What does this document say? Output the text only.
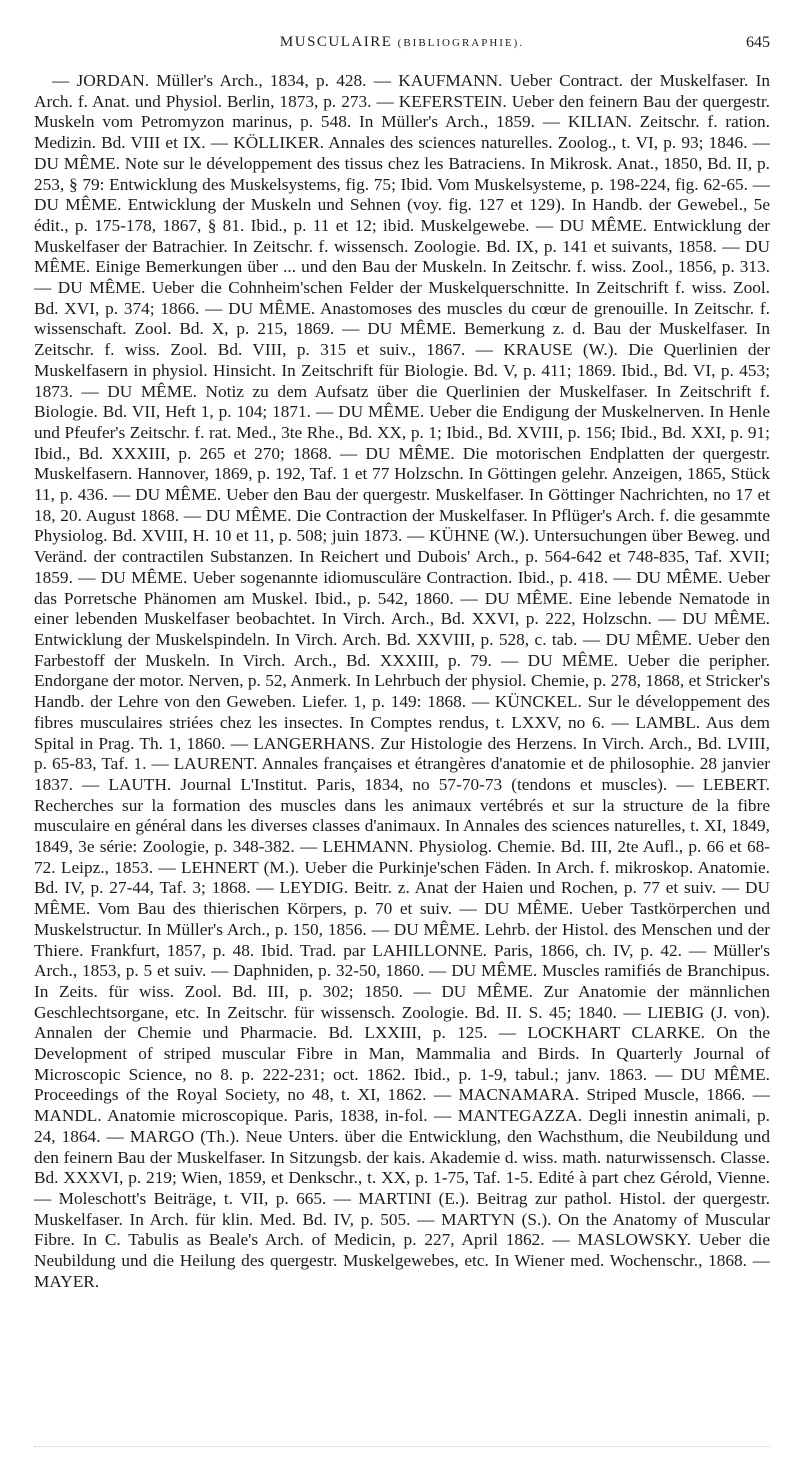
MUSCULAIRE (BIBLIOGRAPHIE).	645

— JORDAN. Müller's Arch., 1834, p. 428. — KAUFMANN. Ueber Contract. der Muskelfaser. In Arch. f. Anat. und Physiol. Berlin, 1873, p. 273. — KEFERSTEIN. Ueber den feinern Bau der quergestr. Muskeln vom Petromyzon marinus, p. 548. In Müller's Arch., 1859. — KILIAN. Zeitschr. f. ration. Medizin. Bd. VIII et IX. — KÖLLIKER. Annales des sciences naturelles. Zoolog., t. VI, p. 93; 1846. — DU MÊME. Note sur le développement des tissus chez les Batraciens. In Mikrosk. Anat., 1850, Bd. II, p. 253, § 79: Entwicklung des Muskelsystems, fig. 75; Ibid. Vom Muskelsysteme, p. 198-224, fig. 62-65. — DU MÊME. Entwicklung der Muskeln und Sehnen (voy. fig. 127 et 129). In Handb. der Gewebel., 5e édit., p. 175-178, 1867, § 81. Ibid., p. 11 et 12; ibid. Muskelgewebe. — DU MÊME. Entwicklung der Muskelfaser der Batrachier. In Zeitschr. f. wissensch. Zoologie. Bd. IX, p. 141 et suivants, 1858. — DU MÊME. Einige Bemerkungen über ... und den Bau der Muskeln. In Zeitschr. f. wiss. Zool., 1856, p. 313. — DU MÊME. Ueber die Cohnheim'schen Felder der Muskelquerschnitte. In Zeitschrift f. wiss. Zool. Bd. XVI, p. 374; 1866. — DU MÊME. Anastomoses des muscles du cœur de grenouille. In Zeitschr. f. wissenschaft. Zool. Bd. X, p. 215, 1869. — DU MÊME. Bemerkung z. d. Bau der Muskelfaser. In Zeitschr. f. wiss. Zool. Bd. VIII, p. 315 et suiv., 1867. — KRAUSE (W.). Die Querlinien der Muskelfasern in physiol. Hinsicht. In Zeitschrift für Biologie. Bd. V, p. 411; 1869. Ibid., Bd. VI, p. 453; 1873. — DU MÊME. Notiz zu dem Aufsatz über die Querlinien der Muskelfaser. In Zeitschrift f. Biologie. Bd. VII, Heft 1, p. 104; 1871. — DU MÊME. Ueber die Endigung der Muskelnerven. In Henle und Pfeufer's Zeitschr. f. rat. Med., 3te Rhe., Bd. XX, p. 1; Ibid., Bd. XVIII, p. 156; Ibid., Bd. XXI, p. 91; Ibid., Bd. XXXIII, p. 265 et 270; 1868. — DU MÊME. Die motorischen Endplatten der quergestr. Muskelfasern. Hannover, 1869, p. 192, Taf. 1 et 77 Holzschn. In Göttingen gelehr. Anzeigen, 1865, Stück 11, p. 436. — DU MÊME. Ueber den Bau der quergestr. Muskelfaser. In Göttinger Nachrichten, no 17 et 18, 20. August 1868. — DU MÊME. Die Contraction der Muskelfaser. In Pflüger's Arch. f. die gesammte Physiolog. Bd. XVIII, H. 10 et 11, p. 508; juin 1873. — KÜHNE (W.). Untersuchungen über Beweg. und Veränd. der contractilen Substanzen. In Reichert und Dubois' Arch., p. 564-642 et 748-835, Taf. XVII; 1859. — DU MÊME. Ueber sogenannte idiomusculäre Contraction. Ibid., p. 418. — DU MÊME. Ueber das Porretsche Phänomen am Muskel. Ibid., p. 542, 1860. — DU MÊME. Eine lebende Nematode in einer lebenden Muskelfaser beobachtet. In Virch. Arch., Bd. XXVI, p. 222, Holzschn. — DU MÊME. Entwicklung der Muskelspindeln. In Virch. Arch. Bd. XXVIII, p. 528, c. tab. — DU MÊME. Ueber den Farbestoff der Muskeln. In Virch. Arch., Bd. XXXIII, p. 79. — DU MÊME. Ueber die peripher. Endorgane der motor. Nerven, p. 52, Anmerk. In Lehrbuch der physiol. Chemie, p. 278, 1868, et Stricker's Handb. der Lehre von den Geweben. Liefer. 1, p. 149: 1868. — KÜNCKEL. Sur le développement des fibres musculaires striées chez les insectes. In Comptes rendus, t. LXXV, no 6. — LAMBL. Aus dem Spital in Prag. Th. 1, 1860. — LANGERHANS. Zur Histologie des Herzens. In Virch. Arch., Bd. LVIII, p. 65-83, Taf. 1. — LAURENT. Annales françaises et étrangères d'anatomie et de philosophie. 28 janvier 1837. — LAUTH. Journal L'Institut. Paris, 1834, no 57-70-73 (tendons et muscles). — LEBERT. Recherches sur la formation des muscles dans les animaux vertébrés et sur la structure de la fibre musculaire en général dans les diverses classes d'animaux. In Annales des sciences naturelles, t. XI, 1849, 1849, 3e série: Zoologie, p. 348-382. — LEHMANN. Physiolog. Chemie. Bd. III, 2te Aufl., p. 66 et 68-72. Leipz., 1853. — LEHNERT (M.). Ueber die Purkinje'schen Fäden. In Arch. f. mikroskop. Anatomie. Bd. IV, p. 27-44, Taf. 3; 1868. — LEYDIG. Beitr. z. Anat der Haien und Rochen, p. 77 et suiv. — DU MÊME. Vom Bau des thierischen Körpers, p. 70 et suiv. — DU MÊME. Ueber Tastkörperchen und Muskelstructur. In Müller's Arch., p. 150, 1856. — DU MÊME. Lehrb. der Histol. des Menschen und der Thiere. Frankfurt, 1857, p. 48. Ibid. Trad. par LAHILLONNE. Paris, 1866, ch. IV, p. 42. — Müller's Arch., 1853, p. 5 et suiv. — Daphniden, p. 32-50, 1860. — DU MÊME. Muscles ramifiés de Branchipus. In Zeits. für wiss. Zool. Bd. III, p. 302; 1850. — DU MÊME. Zur Anatomie der männlichen Geschlechtsorgane, etc. In Zeitschr. für wissensch. Zoologie. Bd. II. S. 45; 1840. — LIEBIG (J. von). Annalen der Chemie und Pharmacie. Bd. LXXIII, p. 125. — LOCKHART CLARKE. On the Development of striped muscular Fibre in Man, Mammalia and Birds. In Quarterly Journal of Microscopic Science, no 8. p. 222-231; oct. 1862. Ibid., p. 1-9, tabul.; janv. 1863. — DU MÊME. Proceedings of the Royal Society, no 48, t. XI, 1862. — MACNAMARA. Striped Muscle, 1866. — MANDL. Anatomie microscopique. Paris, 1838, in-fol. — MANTEGAZZA. Degli innestin animali, p. 24, 1864. — MARGO (Th.). Neue Unters. über die Entwicklung, den Wachsthum, die Neubildung und den feinern Bau der Muskelfaser. In Sitzungsb. der kais. Akademie d. wiss. math. naturwissensch. Classe. Bd. XXXVI, p. 219; Wien, 1859, et Denkschr., t. XX, p. 1-75, Taf. 1-5. Edité à part chez Gérold, Vienne. — Moleschott's Beiträge, t. VII, p. 665. — MARTINI (E.). Beitrag zur pathol. Histol. der quergestr. Muskelfaser. In Arch. für klin. Med. Bd. IV, p. 505. — MARTYN (S.). On the Anatomy of Muscular Fibre. In C. Tabulis as Beale's Arch. of Medicin, p. 227, April 1862. — MASLOWSKY. Ueber die Neubildung und die Heilung des quergestr. Muskelgewebes, etc. In Wiener med. Wochenschr., 1868. — MAYER.
